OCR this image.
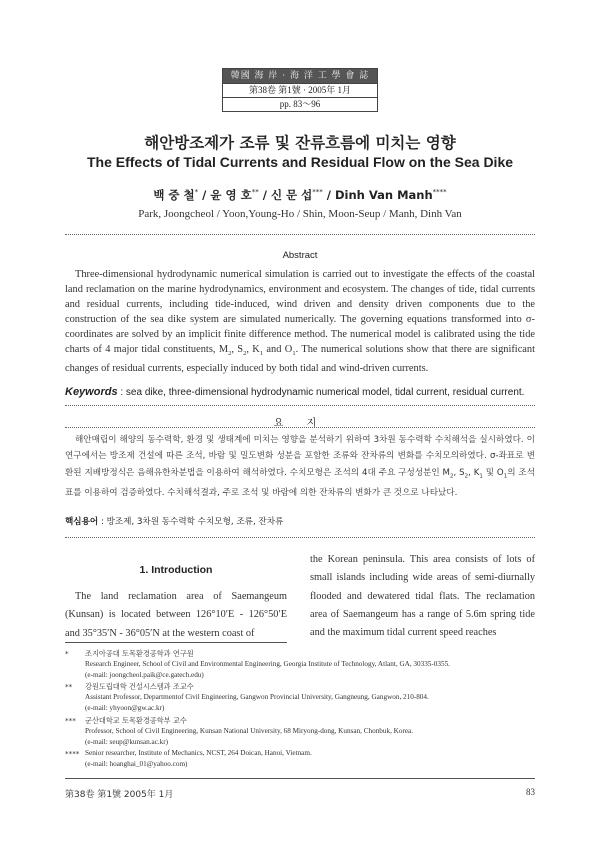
韓國 海 岸 · 海 洋 工 學 會 誌
第38卷 第1號 · 2005年 1月
pp. 83～96
해안방조제가 조류 및 잔류흐름에 미치는 영향
The Effects of Tidal Currents and Residual Flow on the Sea Dike
백 중 철* / 윤 영 호** / 신 문 섭*** / Dinh Van Manh****
Park, Joongcheol / Yoon,Young-Ho / Shin, Moon-Seup / Manh, Dinh Van
Abstract

Three-dimensional hydrodynamic numerical simulation is carried out to investigate the effects of the coastal land reclamation on the marine hydrodynamics, environment and ecosystem. The changes of tide, tidal currents and residual currents, including tide-induced, wind driven and density driven components due to the construction of the sea dike system are simulated numerically. The governing equations transformed into σ-coordinates are solved by an implicit finite difference method. The numerical model is calibrated using the tide charts of 4 major tidal constituents, $M_2$, $S_2$, $K_1$ and $O_1$. The numerical solutions show that there are significant changes of residual currents, especially induced by both tidal and wind-driven currents.

Keywords : sea dike, three-dimensional hydrodynamic numerical model, tidal current, residual current.
요 지

해안매립이 해양의 동수력학, 환경 및 생태계에 미치는 영향을 분석하기 위하여 3차원 동수력학 수치해석을 실시하였다. 이 연구에서는 방조제 건설에 따른 조석, 바람 및 밀도변화 성분을 포함한 조류와 잔차류의 변화를 수치모의하였다. σ-좌표로 변환된 지배방정식은 음해유한차분법을 이용하여 해석하였다. 수치모형은 조석의 4대 주요 구성성분인 $M_2$, $S_2$, $K_1$ 및 $O_1$의 조석표를 이용하여 검증하였다. 수치해석결과, 주로 조석 및 바람에 의한 잔차류의 변화가 큰 것으로 나타났다.

핵심용어 : 방조제, 3차원 동수력학 수치모형, 조류, 잔차류
1. Introduction

The land reclamation area of Saemangeum (Kunsan) is located between 126°10′E - 126°50′E and 35°35′N - 36°05′N at the western coast of

the Korean peninsula. This area consists of lots of small islands including wide areas of semi-diurnally flooded and dewatered tidal flats. The reclamation area of Saemangeum has a range of 5.6m spring tide and the maximum tidal current speed reaches

*	조지아공대 토목환경공학과 연구원
Research Engineer, School of Civil and Environmental Engineering, Georgia Institute of Technology, Atlant, GA, 30335-0355.
(e-mail: joongcheol.paik@ce.gatech.edu)
**	강원도립대학 건설시스템과 조교수
Assistant Professor, Departmentof Civil Engineering, Gangwon Provincial University, Gangneung, Gangwon, 210-804.
(e-mail: yhyoon@gw.ac.kr)
***	군산대학교 토목환경공학부 교수
Professor, School of Civil Engineering, Kunsan National University, 68 Miryong-dong, Kunsan, Chonbuk, Korea.
(e-mail: seup@kunsan.ac.kr)
**** Senior researcher, Institute of Mechanics, NCST, 264 Doican, Hanoi, Vietnam.
(e-mail: hoanghai_01@yahoo.com)
第38卷 第1號 2005年 1月	83
